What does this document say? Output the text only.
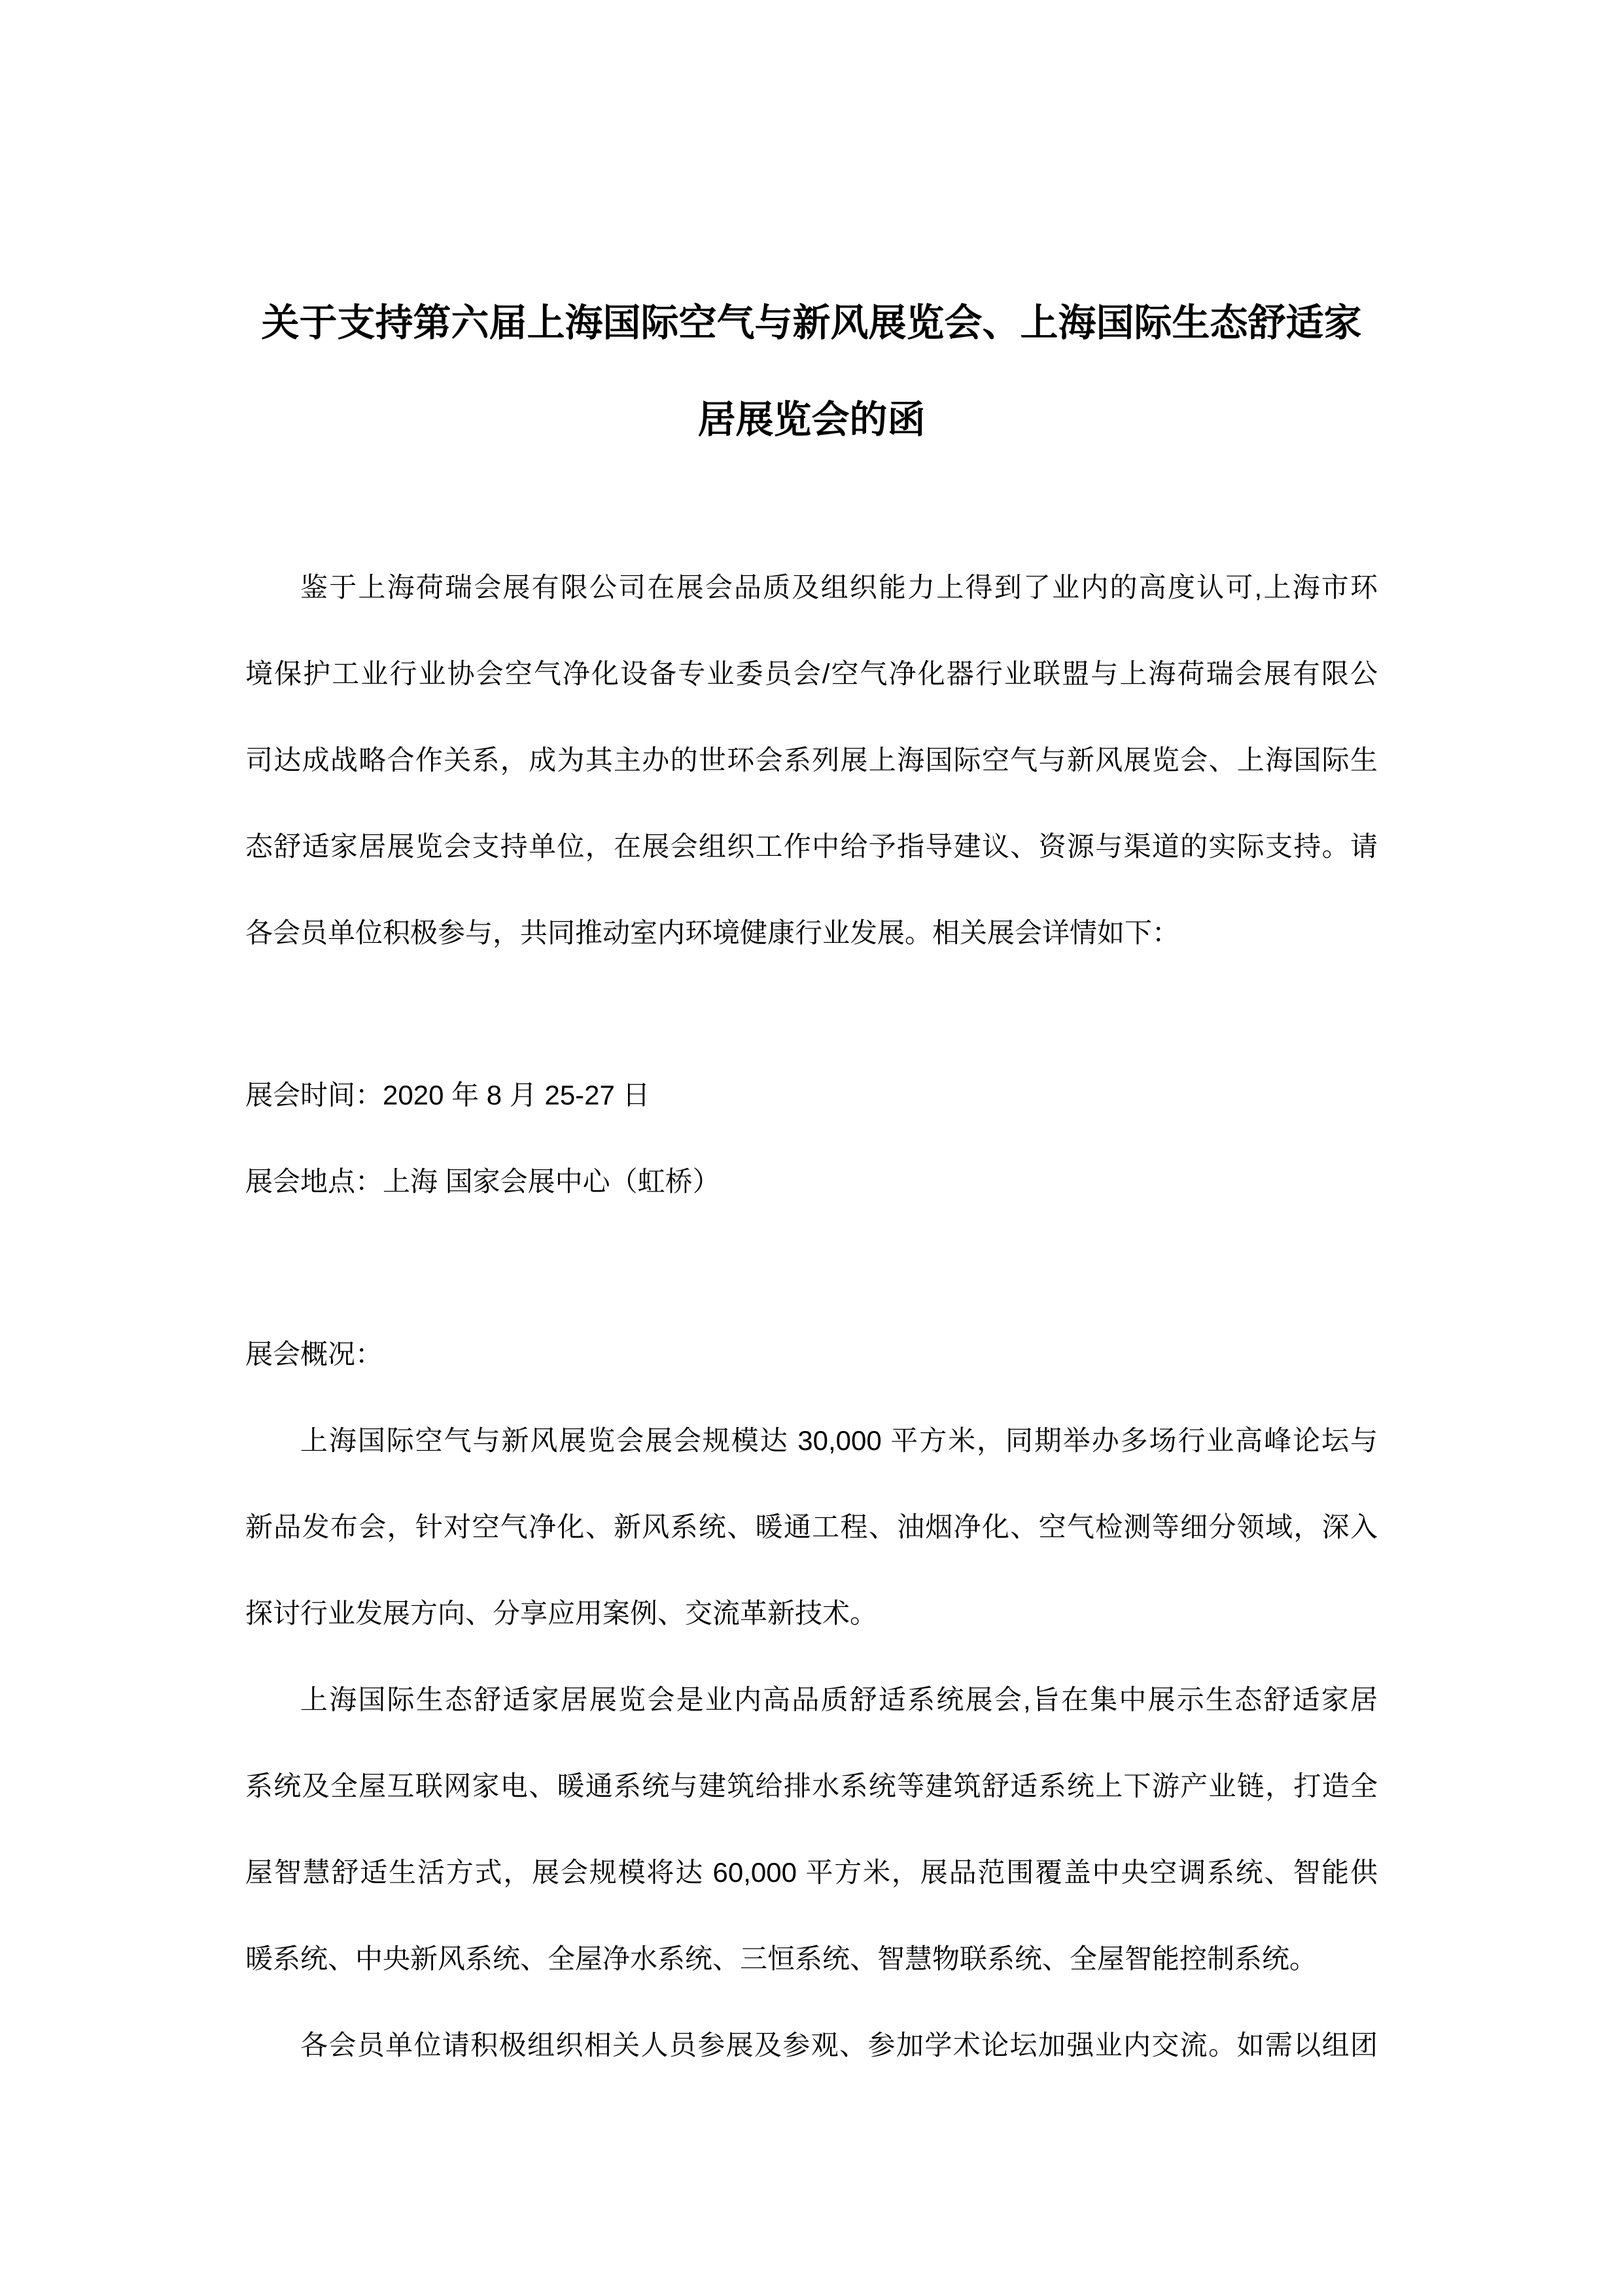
关于支持第六届上海国际空气与新风展览会、上海国际生态舒适家
居展览会的函
鉴于上海荷瑞会展有限公司在展会品质及组织能力上得到了业内的高度认可,上海市环
境保护工业行业协会空气净化设备专业委员会/空气净化器行业联盟与上海荷瑞会展有限公
司达成战略合作关系，成为其主办的世环会系列展上海国际空气与新风展览会、上海国际生
态舒适家居展览会支持单位，在展会组织工作中给予指导建议、资源与渠道的实际支持。请
各会员单位积极参与，共同推动室内环境健康行业发展。相关展会详情如下：
展会时间：2020 年 8 月 25-27 日
展会地点：上海 国家会展中心（虹桥）
展会概况：
上海国际空气与新风展览会展会规模达 30,000 平方米，同期举办多场行业高峰论坛与
新品发布会，针对空气净化、新风系统、暖通工程、油烟净化、空气检测等细分领域，深入
探讨行业发展方向、分享应用案例、交流革新技术。
上海国际生态舒适家居展览会是业内高品质舒适系统展会,旨在集中展示生态舒适家居
系统及全屋互联网家电、暖通系统与建筑给排水系统等建筑舒适系统上下游产业链，打造全
屋智慧舒适生活方式，展会规模将达 60,000 平方米，展品范围覆盖中央空调系统、智能供
暖系统、中央新风系统、全屋净水系统、三恒系统、智慧物联系统、全屋智能控制系统。
各会员单位请积极组织相关人员参展及参观、参加学术论坛加强业内交流。如需以组团
